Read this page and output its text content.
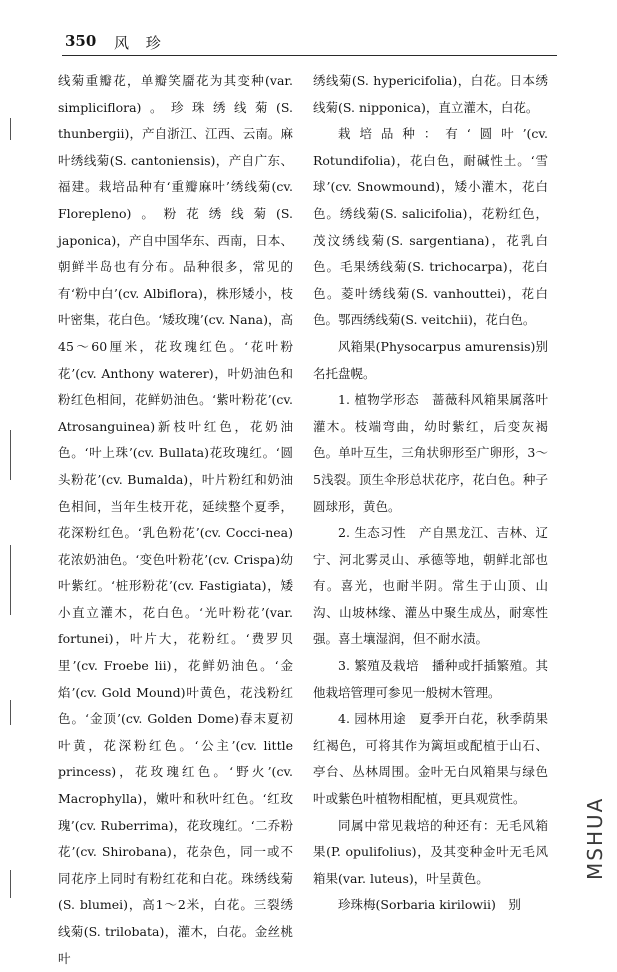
350 风 珍

线菊重瓣花，单瓣笑靥花为其变种(var. simpliciflora)。珍珠绣线菊(S. thunbergii)，产自浙江、江西、云南。麻叶绣线菊(S. cantoniensis)，产自广东、福建。栽培品种有‘重瓣麻叶’绣线菊(cv. Floreplenо)。粉花绣线菊(S. japonica)，产自中国华东、西南，日本、朝鲜半岛也有分布。品种很多，常见的有‘粉中白’(cv. Albiflora)，株形矮小，枝叶密集，花白色。‘矮玫瑰’(cv. Nana)，高45～60厘米，花玫瑰红色。‘花叶粉花’(cv. Anthony waterer)，叶奶油色和粉红色相间，花鲜奶油色。‘紫叶粉花’(cv. Atrosanguinea)新枝叶红色，花奶油色。‘叶上珠’(cv. Bullata)花玫瑰红。‘圆头粉花’(cv. Bumalda)，叶片粉红和奶油色相间，当年生枝开花，延续整个夏季，花深粉红色。‘乳色粉花’(cv. Cocci-nea)花浓奶油色。‘变色叶粉花’(cv. Crispa)幼叶紫红。‘桩形粉花’(cv. Fastigiata)，矮小直立灌木，花白色。‘光叶粉花’(var. fortunei)，叶片大，花粉红。‘费罗贝里’(cv. Froebe lii)，花鲜奶油色。‘金焰’(cv. Gold Mound)叶黄色，花浅粉红色。‘金顶’(cv. Golden Dome)春末夏初叶黄，花深粉红色。‘公主’(cv. little princess)，花玫瑰红色。‘野火’(cv. Macrophylla)，嫩叶和秋叶红色。‘红玫瑰’(cv. Ruberrima)，花玫瑰红。‘二乔粉花’(cv. Shirobana)，花杂色，同一或不同花序上同时有粉红花和白花。珠绣线菊(S. blumei)，高1～2米，白花。三裂绣线菊(S. trilobata)，灌木，白花。金丝桃叶

绣线菊(S. hypericifolia)，白花。日本绣线菊(S. nipponica)，直立灌木，白花。

栽培品种：有‘圆叶’(cv. Rotundifolia)，花白色，耐碱性土。‘雪球’(cv. Snowmound)，矮小灌木，花白色。绣线菊(S. salicifolia)，花粉红色，茂汶绣线菊(S. sargentiana)，花乳白色。毛果绣线菊(S. trichocarpa)，花白色。菱叶绣线菊(S. vanhouttei)，花白色。鄂西绣线菊(S. veitchii)，花白色。

风箱果(Physocarpus amurensis)别名托盘幌。

1. 植物学形态　蔷薇科风箱果属落叶灌木。枝端弯曲，幼时紫红，后变灰褐色。单叶互生，三角状卵形至广卵形，3～5浅裂。顶生伞形总状花序，花白色。种子圆球形，黄色。

2. 生态习性　产自黑龙江、吉林、辽宁、河北雾灵山、承德等地，朝鲜北部也有。喜光，也耐半阴。常生于山顶、山沟、山坡林缘、灌丛中聚生成丛，耐寒性强。喜土壤湿润，但不耐水渍。

3. 繁殖及栽培　播种或扦插繁殖。其他栽培管理可参见一般树木管理。

4. 园林用途　夏季开白花，秋季荫果红褐色，可将其作为篱垣或配植于山石、亭台、丛林周围。金叶无白风箱果与绿色叶或紫色叶植物相配植，更具观赏性。

同属中常见栽培的种还有：无毛风箱果(P. opulifolius)，及其变种金叶无毛风箱果(var. luteus)，叶呈黄色。

珍珠梅(Sorbaria kirilowii)　别

MSHUA
